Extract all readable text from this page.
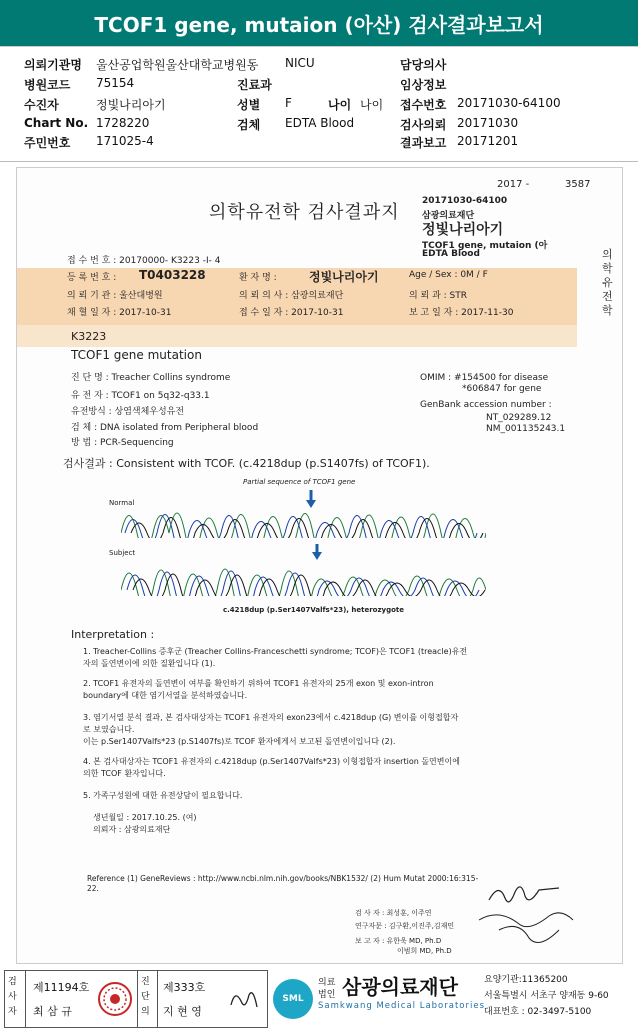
TCOF1 gene, mutaion (아산) 검사결과보고서
의뢰기관명 울산공업학원울산대학교병원동 NICU	담당의사
병원코드 75154	진료과	임상정보
수진자	정빛나리아기	성별 F	나이 나이 접수번호 20171030-64100
Chart No. 1728220	검체 EDTA Blood	검사의뢰 20171030
주민번호 171025-4	결과보고 20171201
2017 -	3587
의학유전학 검사결과지
20171030-64100
삼광의료재단
정빛나리아기
TCOF1 gene, mutaion (아
EDTA Blood	의학유전학
접 수 번 호 : 20170000- K3223 -I- 4
등 록 번 호 : T0403228	환 자 명 :	정빛나리아기	Age / Sex : 0M / F
의 뢰 기 관 : 울산대병원	의 뢰 의 사 : 삼광의료재단	의 뢰 과 : STR
채 혈 일 자 : 2017-10-31	접 수 일 자 : 2017-10-31	보 고 일 자 : 2017-11-30
K3223
TCOF1 gene mutation
진 단 명 : Treacher Collins syndrome
유 전 자 : TCOF1 on 5q32-q33.1
유전방식 : 상염색체우성유전
검 체 : DNA isolated from Peripheral blood
방 법 : PCR-Sequencing
OMIM : #154500 for disease
*606847 for gene
GenBank accession number :
NT_029289.12
NM_001135243.1
검사결과 : Consistent with TCOF. (c.4218dup (p.S1407fs) of TCOF1).
Partial sequence of TCOF1 gene
Normal
Subject
c.4218dup (p.Ser1407Valfs*23), heterozygote
Interpretation :
1. Treacher-Collins 증후군 (Treacher Collins-Franceschetti syndrome; TCOF)은 TCOF1 (treacle)유전
자의 돌연변이에 의한 질환입니다 (1).
2. TCOF1 유전자의 돌연변이 여부를 확인하기 위하여 TCOF1 유전자의 25개 exon 및 exon-intron
boundary에 대한 염기서열을 분석하였습니다.
3. 염기서열 분석 결과, 본 검사대상자는 TCOF1 유전자의 exon23에서 c.4218dup (G) 변이를 이형접합자
로 보였습니다.
이는 p.Ser1407Valfs*23 (p.S1407fs)로 TCOF 환자에게서 보고된 돌연변이입니다 (2).
4. 본 검사대상자는 TCOF1 유전자의 c.4218dup (p.Ser1407Valfs*23) 이형접합자 insertion 돌연변이에
의한 TCOF 환자입니다.
5. 가족구성원에 대한 유전상담이 필요합니다.
생년월일 : 2017.10.25. (여)
의뢰자 : 삼광의료재단
Reference (1) GeneReviews : http://www.ncbi.nlm.nih.gov/books/NBK1532/ (2) Hum Mutat 2000:16:315-
22.
검 사 자 : 최성훈, 이주연
연구자문 : 김구환,이진주,김재민
보 고 자 : 유한욱 MD, Ph.D
이범희 MD, Ph.D
검사자
제11194호
최 삼 규
진단의
제333호
지 현 영
SML
의료
법인 삼광의료재단
Samkwang Medical Laboratories
요양기관:11365200
서울특별시 서초구 양재동 9-60
대표번호 : 02-3497-5100
